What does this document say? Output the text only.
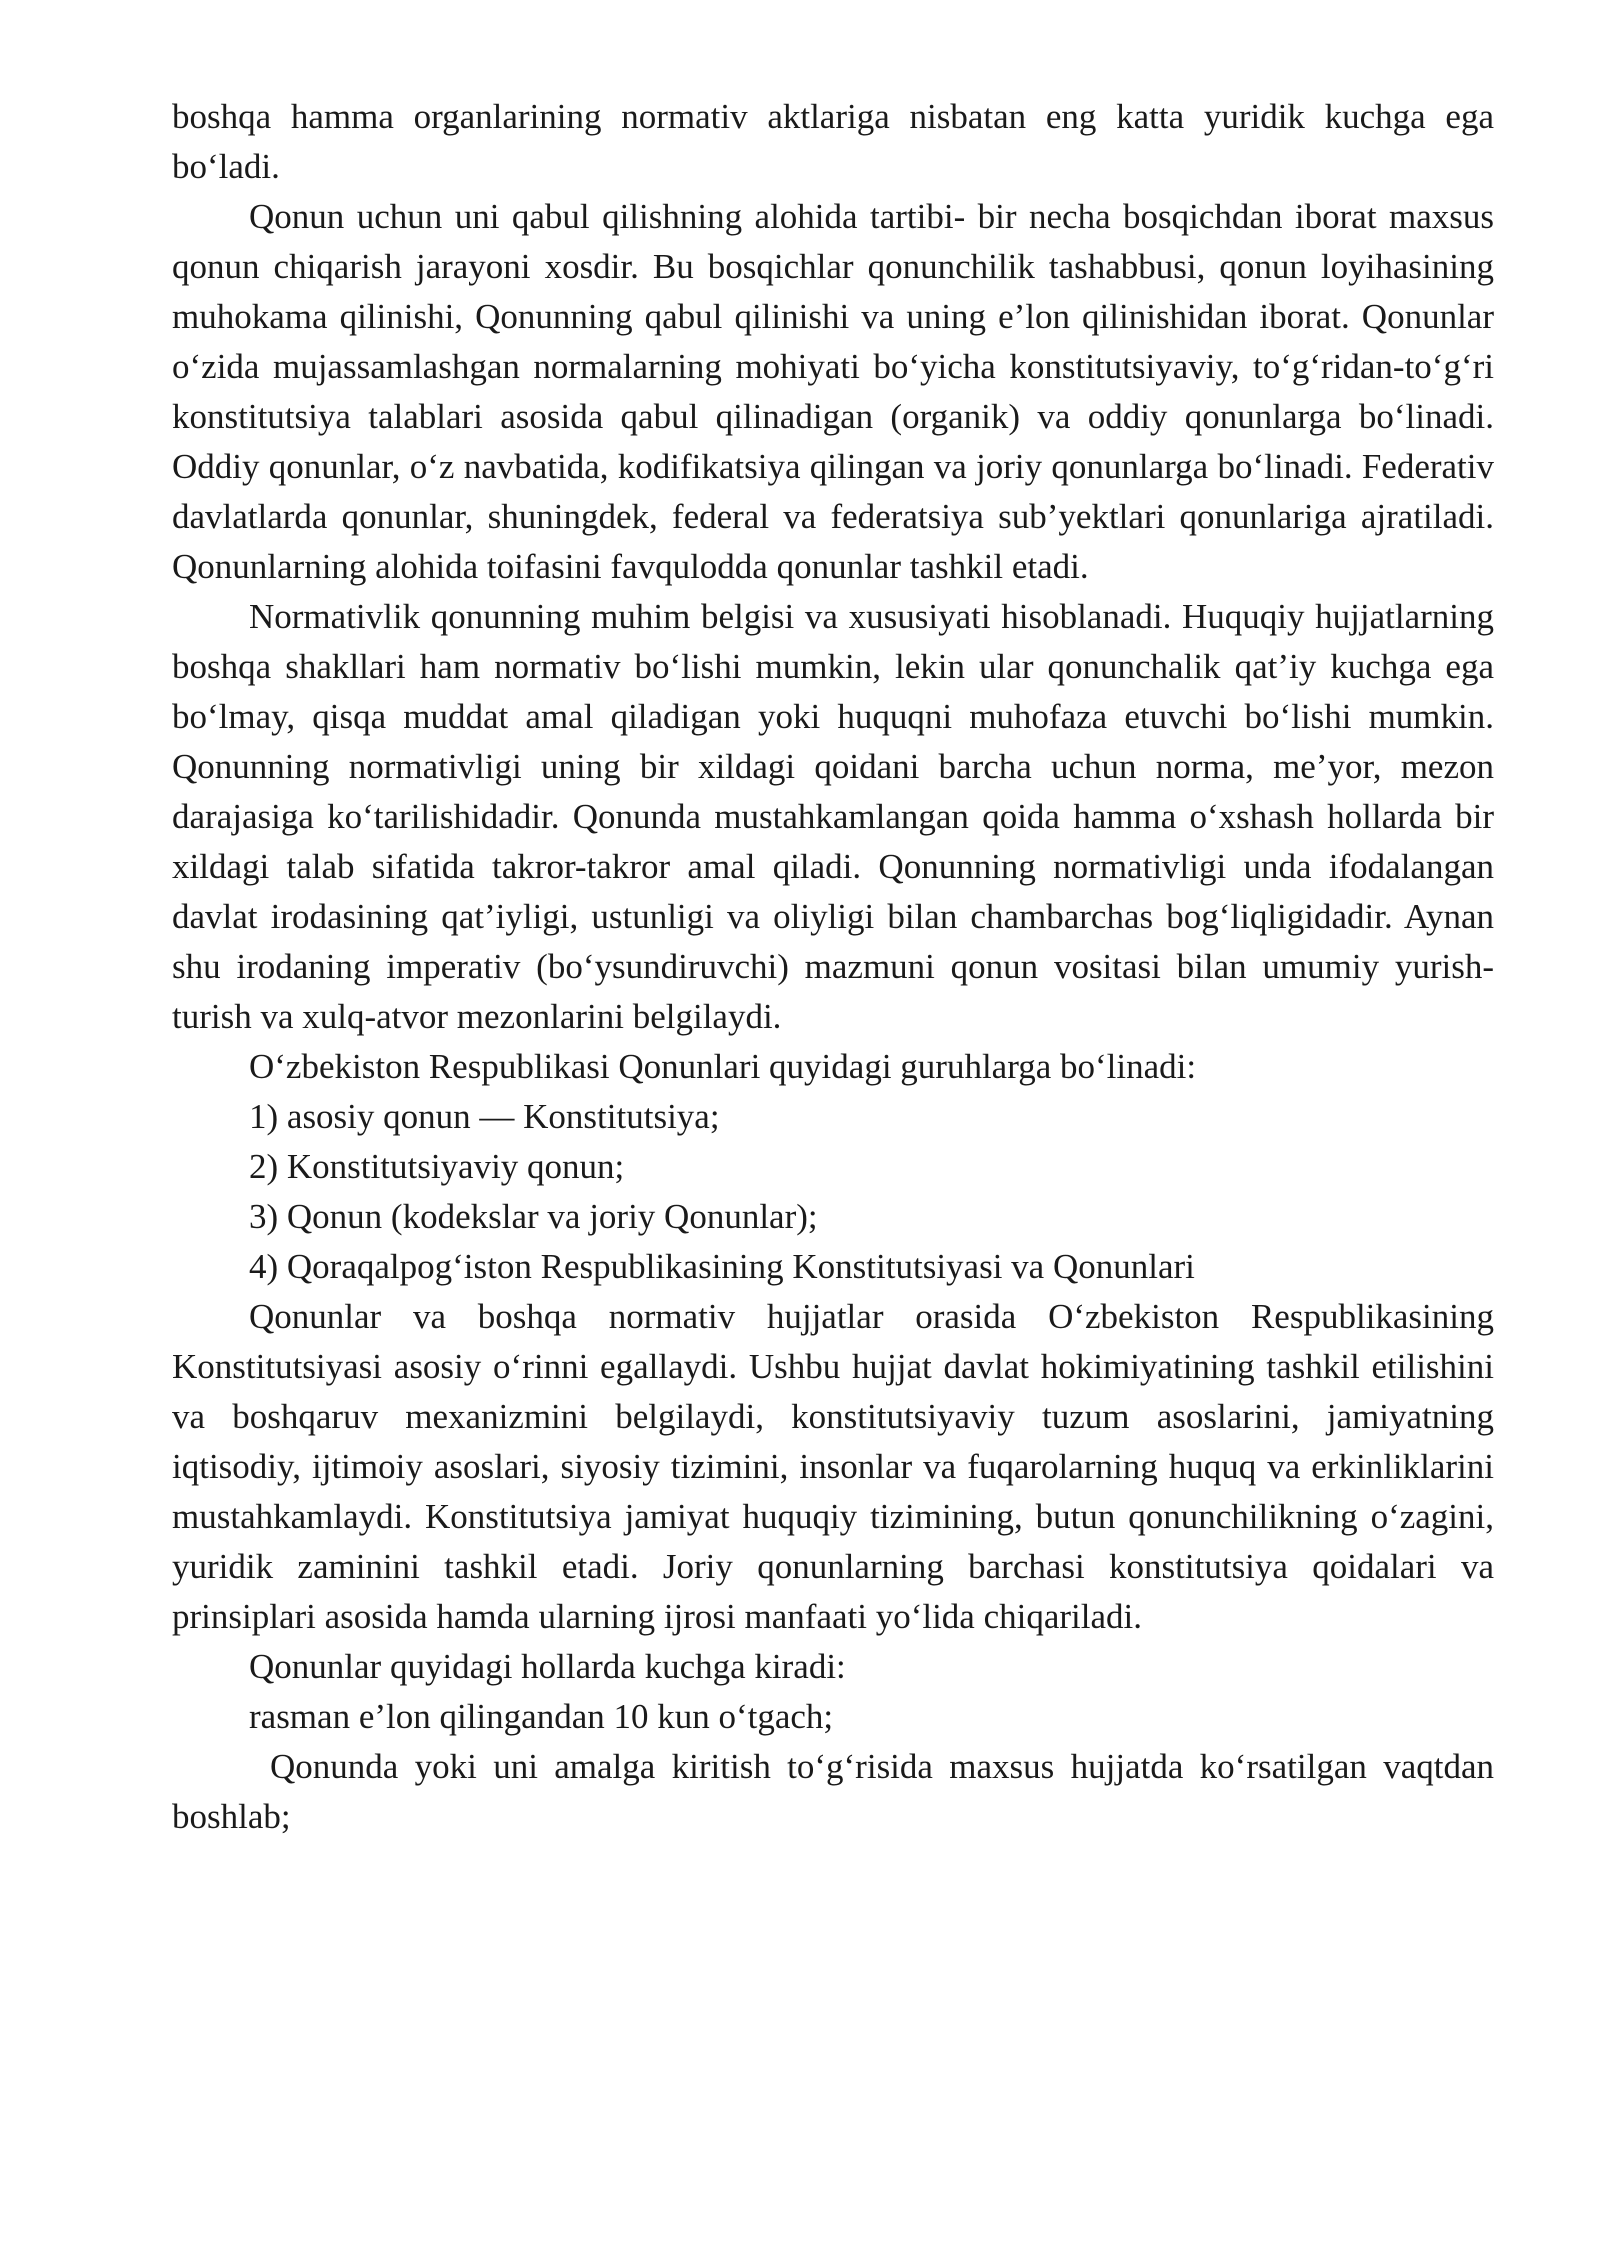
boshqa hamma organlarining normativ aktlariga nisbatan eng katta yuridik kuchga ega boʻladi.

Qonun uchun uni qabul qilishning alohida tartibi- bir necha bosqichdan iborat maxsus qonun chiqarish jarayoni xosdir. Bu bosqichlar qonunchilik tashabbusi, qonun loyihasining muhokama qilinishi, Qonunning qabul qilinishi va uning e’lon qilinishidan iborat. Qonunlar oʻzida mujassamlashgan normalarning mohiyati boʻyicha konstitutsiyaviy, toʻgʻridan-toʻgʻri konstitutsiya talablari asosida qabul qilinadigan (organik) va oddiy qonunlarga boʻlinadi. Oddiy qonunlar, oʻz navbatida, kodifikatsiya qilingan va joriy qonunlarga boʻlinadi. Federativ davlatlarda qonunlar, shuningdek, federal va federatsiya sub’yektlari qonunlariga ajratiladi. Qonunlarning alohida toifasini favqulodda qonunlar tashkil etadi.

Normativlik qonunning muhim belgisi va xususiyati hisoblanadi. Huquqiy hujjatlarning boshqa shakllari ham normativ boʻlishi mumkin, lekin ular qonunchalik qat’iy kuchga ega boʻlmay, qisqa muddat amal qiladigan yoki huquqni muhofaza etuvchi boʻlishi mumkin. Qonunning normativligi uning bir xildagi qoidani barcha uchun norma, me’yor, mezon darajasiga koʻtarilishidadir. Qonunda mustahkamlangan qoida hamma oʻxshash hollarda bir xildagi talab sifatida takror-takror amal qiladi. Qonunning normativligi unda ifodalangan davlat irodasining qat’iyligi, ustunligi va oliyligi bilan chambarchas bogʻliqligidadir. Aynan shu irodaning imperativ (boʻysundiruvchi) mazmuni qonun vositasi bilan umumiy yurish-turish va xulq-atvor mezonlarini belgilaydi.

Oʻzbekiston Respublikasi Qonunlari quyidagi guruhlarga boʻlinadi:

1) asosiy qonun — Konstitutsiya;

2) Konstitutsiyaviy qonun;

3) Qonun (kodekslar va joriy Qonunlar);

4) Qoraqalpogʻiston Respublikasining Konstitutsiyasi va Qonunlari

Qonunlar va boshqa normativ hujjatlar orasida Oʻzbekiston Respublikasining Konstitutsiyasi asosiy oʻrinni egallaydi. Ushbu hujjat davlat hokimiyatining tashkil etilishini va boshqaruv mexanizmini belgilaydi, konstitutsiyaviy tuzum asoslarini, jamiyatning iqtisodiy, ijtimoiy asoslari, siyosiy tizimini, insonlar va fuqarolarning huquq va erkinliklarini mustahkamlaydi. Konstitutsiya jamiyat huquqiy tizimining, butun qonunchilikning oʻzagini, yuridik zaminini tashkil etadi. Joriy qonunlarning barchasi konstitutsiya qoidalari va prinsiplari asosida hamda ularning ijrosi manfaati yoʻlida chiqariladi.

Qonunlar quyidagi hollarda kuchga kiradi:

rasman e’lon qilingandan 10 kun oʻtgach;

Qonunda yoki uni amalga kiritish toʻgʻrisida maxsus hujjatda koʻrsatilgan vaqtdan boshlab;
